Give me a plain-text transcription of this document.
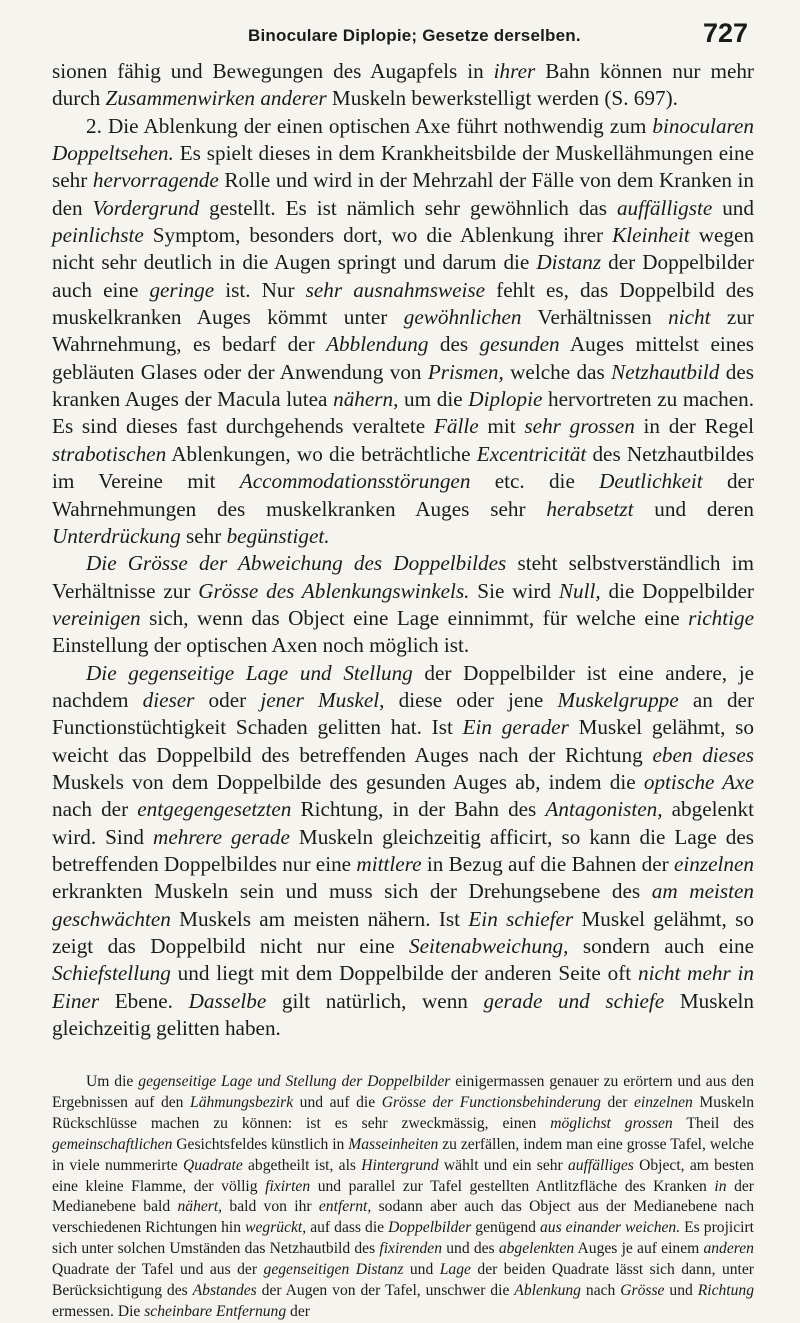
Binoculare Diplopie; Gesetze derselben.	727

sionen fähig und Bewegungen des Augapfels in ihrer Bahn können nur mehr durch Zusammenwirken anderer Muskeln bewerkstelligt werden (S. 697).

2. Die Ablenkung der einen optischen Axe führt nothwendig zum binocularen Doppeltsehen. Es spielt dieses in dem Krankheitsbilde der Muskellähmungen eine sehr hervorragende Rolle und wird in der Mehrzahl der Fälle von dem Kranken in den Vordergrund gestellt. Es ist nämlich sehr gewöhnlich das auffälligste und peinlichste Symptom, besonders dort, wo die Ablenkung ihrer Kleinheit wegen nicht sehr deutlich in die Augen springt und darum die Distanz der Doppelbilder auch eine geringe ist. Nur sehr ausnahmsweise fehlt es, das Doppelbild des muskelkranken Auges kömmt unter gewöhnlichen Verhältnissen nicht zur Wahrnehmung, es bedarf der Abblendung des gesunden Auges mittelst eines gebläuten Glases oder der Anwendung von Prismen, welche das Netzhautbild des kranken Auges der Macula lutea nähern, um die Diplopie hervortreten zu machen. Es sind dieses fast durchgehends veraltete Fälle mit sehr grossen in der Regel strabotischen Ablenkungen, wo die beträchtliche Excentricität des Netzhautbildes im Vereine mit Accommodationsstörungen etc. die Deutlichkeit der Wahrnehmungen des muskelkranken Auges sehr herabsetzt und deren Unterdrückung sehr begünstiget.

Die Grösse der Abweichung des Doppelbildes steht selbstverständlich im Verhältnisse zur Grösse des Ablenkungswinkels. Sie wird Null, die Doppelbilder vereinigen sich, wenn das Object eine Lage einnimmt, für welche eine richtige Einstellung der optischen Axen noch möglich ist.

Die gegenseitige Lage und Stellung der Doppelbilder ist eine andere, je nachdem dieser oder jener Muskel, diese oder jene Muskelgruppe an der Functionstüchtigkeit Schaden gelitten hat. Ist Ein gerader Muskel gelähmt, so weicht das Doppelbild des betreffenden Auges nach der Richtung eben dieses Muskels von dem Doppelbilde des gesunden Auges ab, indem die optische Axe nach der entgegengesetzten Richtung, in der Bahn des Antagonisten, abgelenkt wird. Sind mehrere gerade Muskeln gleichzeitig afficirt, so kann die Lage des betreffenden Doppelbildes nur eine mittlere in Bezug auf die Bahnen der einzelnen erkrankten Muskeln sein und muss sich der Drehungsebene des am meisten geschwächten Muskels am meisten nähern. Ist Ein schiefer Muskel gelähmt, so zeigt das Doppelbild nicht nur eine Seitenabweichung, sondern auch eine Schiefstellung und liegt mit dem Doppelbilde der anderen Seite oft nicht mehr in Einer Ebene. Dasselbe gilt natürlich, wenn gerade und schiefe Muskeln gleichzeitig gelitten haben.

Um die gegenseitige Lage und Stellung der Doppelbilder einigermassen genauer zu erörtern und aus den Ergebnissen auf den Lähmungsbezirk und auf die Grösse der Functionsbehinderung der einzelnen Muskeln Rückschlüsse machen zu können: ist es sehr zweckmässig, einen möglichst grossen Theil des gemeinschaftlichen Gesichtsfeldes künstlich in Masseinheiten zu zerfällen, indem man eine grosse Tafel, welche in viele nummerirte Quadrate abgetheilt ist, als Hintergrund wählt und ein sehr auffälliges Object, am besten eine kleine Flamme, der völlig fixirten und parallel zur Tafel gestellten Antlitzfläche des Kranken in der Medianebene bald nähert, bald von ihr entfernt, sodann aber auch das Object aus der Medianebene nach verschiedenen Richtungen hin wegrückt, auf dass die Doppelbilder genügend aus einander weichen. Es projicirt sich unter solchen Umständen das Netzhautbild des fixirenden und des abgelenkten Auges je auf einem anderen Quadrate der Tafel und aus der gegenseitigen Distanz und Lage der beiden Quadrate lässt sich dann, unter Berücksichtigung des Abstandes der Augen von der Tafel, unschwer die Ablenkung nach Grösse und Richtung ermessen. Die scheinbare Entfernung der
